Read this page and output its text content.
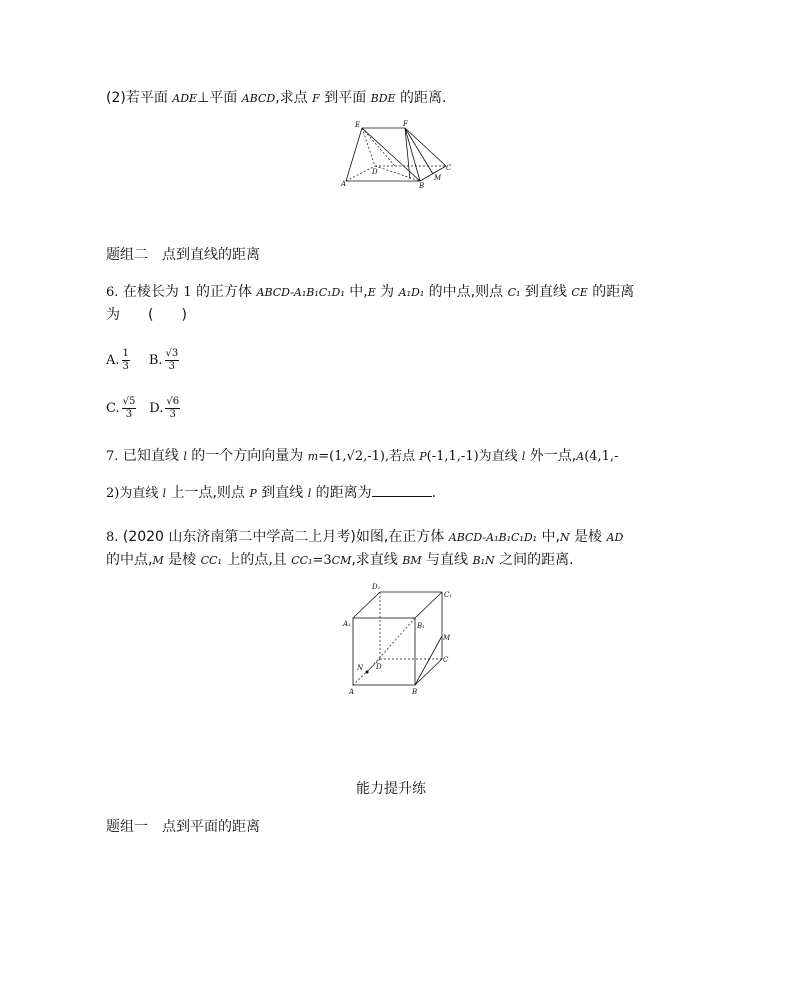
(2)若平面 ADE⊥平面 ABCD,求点 F 到平面 BDE 的距离.
E	F
D	C
M
A	B
题组二　点到直线的距离
6. 在棱长为 1 的正方体 ABCD-A₁B₁C₁D₁ 中,E 为 A₁D₁ 的中点,则点 C₁ 到直线 CE 的距离
为　　(　　)
A. $\frac{1}{3} B$. $\frac{√3}{3}$
C. $\frac{√5}{3} D$. $\frac{√6}{3}$
7. 已知直线 l 的一个方向向量为 m=(1,√2,-1),若点 P(-1,1,-1)为直线 l 外一点,A(4,1,-
2)为直线 l 上一点,则点 P 到直线 l 的距离为	.
8. (2020 山东济南第二中学高二上月考)如图,在正方体 ABCD-A₁B₁C₁D₁ 中,N 是棱 AD
的中点,M 是棱 CC₁ 上的点,且 CC₁=3CM,求直线 BM 与直线 B₁N 之间的距离.
D₁
C₁
A₁	B₁
M
C
N D
A	B
能力提升练
题组一　点到平面的距离
